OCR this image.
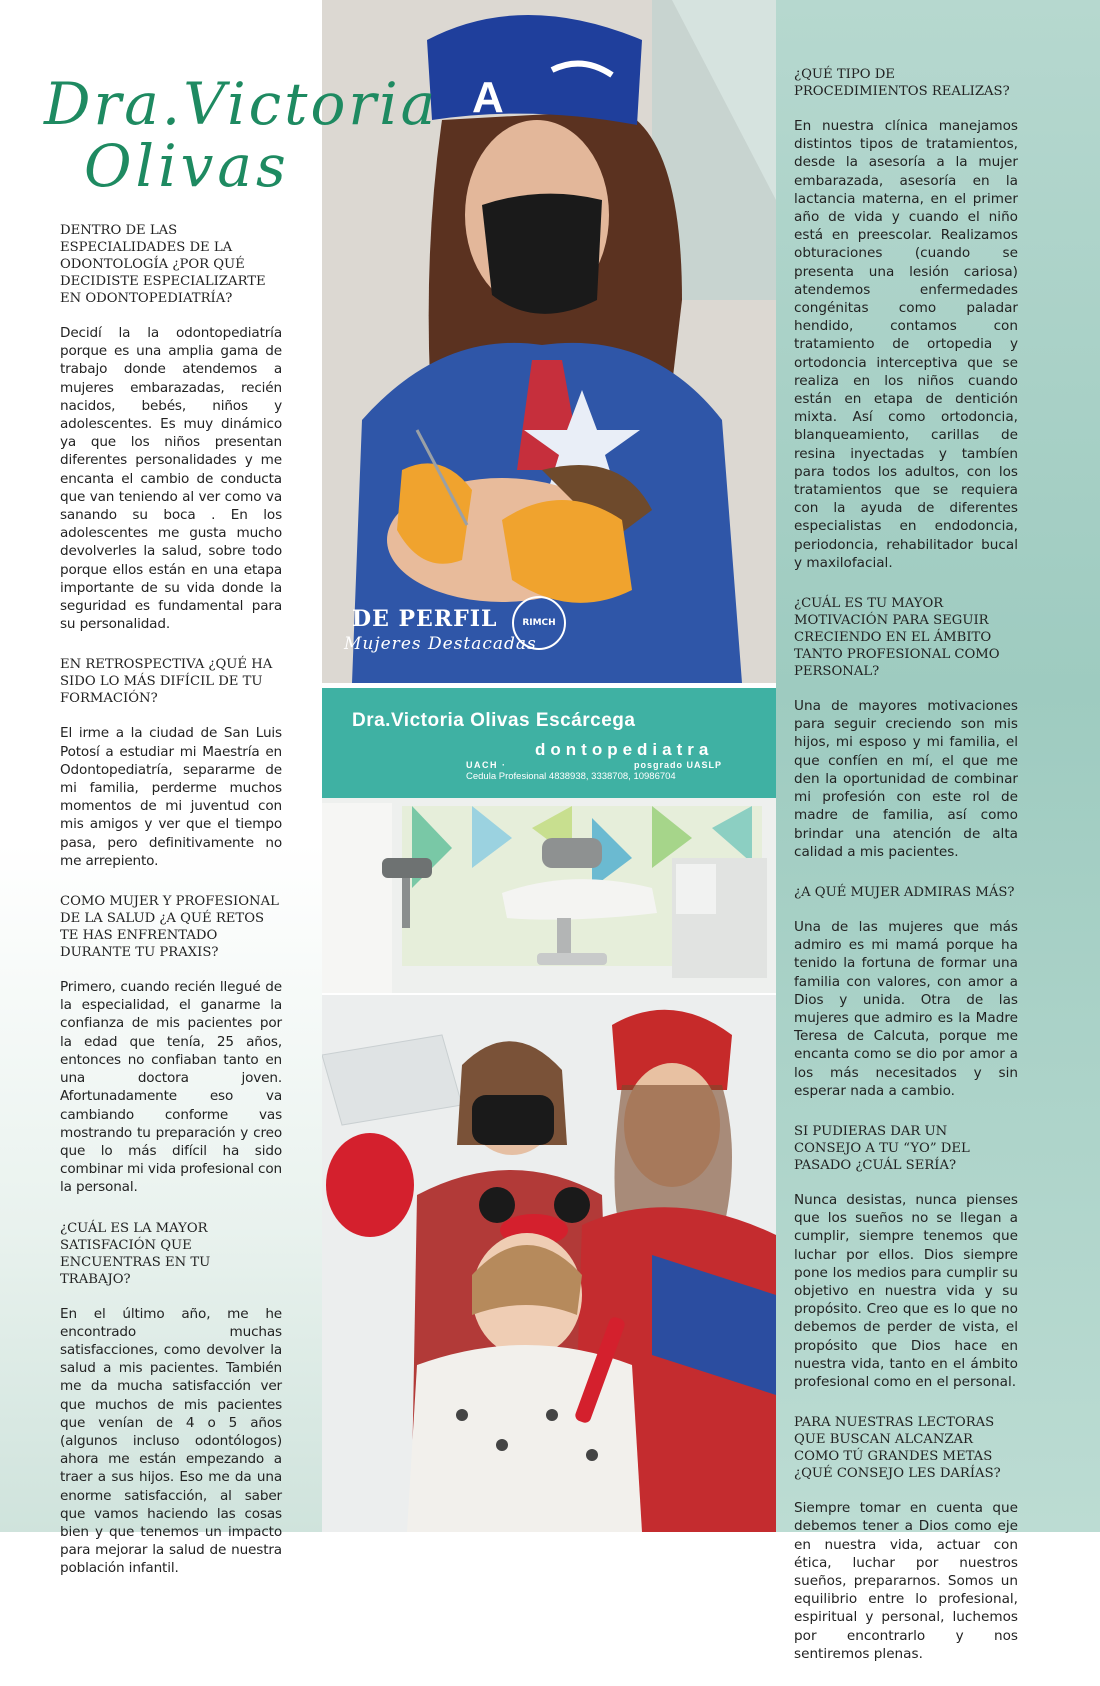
A
DE PERFIL
Mujeres Destacadas
RIMCH
Dra.Victoria Olivas Escárcega
dontopediatra
UACH ·	posgrado UASLP
Cedula Profesional 4838938, 3338708, 10986704
Dra.Victoria
Olivas
DENTRO DE LAS ESPECIALIDADES DE LA ODONTOLOGÍA ¿POR QUÉ DECIDISTE ESPECIALIZARTE EN ODONTOPEDIATRÍA?
Decidí la la odontopediatría porque es una amplia gama de trabajo donde atendemos a mujeres embarazadas, recién nacidos, bebés, niños y adolescentes. Es muy dinámico ya que los niños presentan diferentes personalidades y me encanta el cambio de conducta que van teniendo al ver como va sanando su boca . En los adolescentes me gusta mucho devolverles la salud, sobre todo porque ellos están en una etapa importante de su vida donde la seguridad es fundamental para su personalidad.
EN RETROSPECTIVA ¿QUÉ HA SIDO LO MÁS DIFÍCIL DE TU FORMACIÓN?
El irme a la ciudad de San Luis Potosí a estudiar mi Maestría en Odontopediatría, separarme de mi familia, perderme muchos momentos de mi juventud con mis amigos y ver que el tiempo pasa, pero definitivamente no me arrepiento.
COMO MUJER Y PROFESIONAL DE LA SALUD ¿A QUÉ RETOS TE HAS ENFRENTADO DURANTE TU PRAXIS?
Primero, cuando recién llegué de la especialidad, el ganarme la confianza de mis pacientes por la edad que tenía, 25 años, entonces no confiaban tanto en una doctora joven. Afortunadamente eso va cambiando conforme vas mostrando tu preparación y creo que lo más difícil ha sido combinar mi vida profesional con la personal.
¿CUÁL ES LA MAYOR SATISFACIÓN QUE ENCUENTRAS EN TU TRABAJO?
En el último año, me he encontrado muchas satisfacciones, como devolver la salud a mis pacientes. También me da mucha satisfacción ver que muchos de mis pacientes que venían de 4 o 5 años (algunos incluso odontólogos) ahora me están empezando a traer a sus hijos. Eso me da una enorme satisfacción, al saber que vamos haciendo las cosas bien y que tenemos un impacto para mejorar la salud de nuestra población infantil.
¿QUÉ TIPO DE PROCEDIMIENTOS REALIZAS?
En nuestra clínica manejamos distintos tipos de tratamientos, desde la asesoría a la mujer embarazada, asesoría en la lactancia materna, en el primer año de vida y cuando el niño está en preescolar. Realizamos obturaciones (cuando se presenta una lesión cariosa) atendemos enfermedades congénitas como paladar hendido, contamos con tratamiento de ortopedia y ortodoncia interceptiva que se realiza en los niños cuando están en etapa de dentición mixta. Así como ortodoncia, blanqueamiento, carillas de resina inyectadas y tambíen para todos los adultos, con los tratamientos que se requiera con la ayuda de diferentes especialistas en endodoncia, periodoncia, rehabilitador bucal y maxilofacial.
¿CUÁL ES TU MAYOR MOTIVACIÓN PARA SEGUIR CRECIENDO EN EL ÁMBITO TANTO PROFESIONAL COMO PERSONAL?
Una de mayores motivaciones para seguir creciendo son mis hijos, mi esposo y mi familia, el que confíen en mí, el que me den la oportunidad de combinar mi profesión con este rol de madre de familia, así como brindar una atención de alta calidad a mis pacientes.
¿A QUÉ MUJER ADMIRAS MÁS?
Una de las mujeres que más admiro es mi mamá porque ha tenido la fortuna de formar una familia con valores, con amor a Dios y unida. Otra de las mujeres que admiro es la Madre Teresa de Calcuta, porque me encanta como se dio por amor a los más necesitados y sin esperar nada a cambio.
SI PUDIERAS DAR UN CONSEJO A TU “YO” DEL PASADO ¿CUÁL SERÍA?
Nunca desistas, nunca pienses que los sueños no se llegan a cumplir, siempre tenemos que luchar por ellos. Dios siempre pone los medios para cumplir su objetivo en nuestra vida y su propósito. Creo que es lo que no debemos de perder de vista, el propósito que Dios hace en nuestra vida, tanto en el ámbito profesional como en el personal.
PARA NUESTRAS LECTORAS QUE BUSCAN ALCANZAR COMO TÚ GRANDES METAS ¿QUÉ CONSEJO LES DARÍAS?
Siempre tomar en cuenta que debemos tener a Dios como eje en nuestra vida, actuar con ética, luchar por nuestros sueños, prepararnos. Somos un equilibrio entre lo profesional, espiritual y personal, luchemos por encontrarlo y nos sentiremos plenas.
